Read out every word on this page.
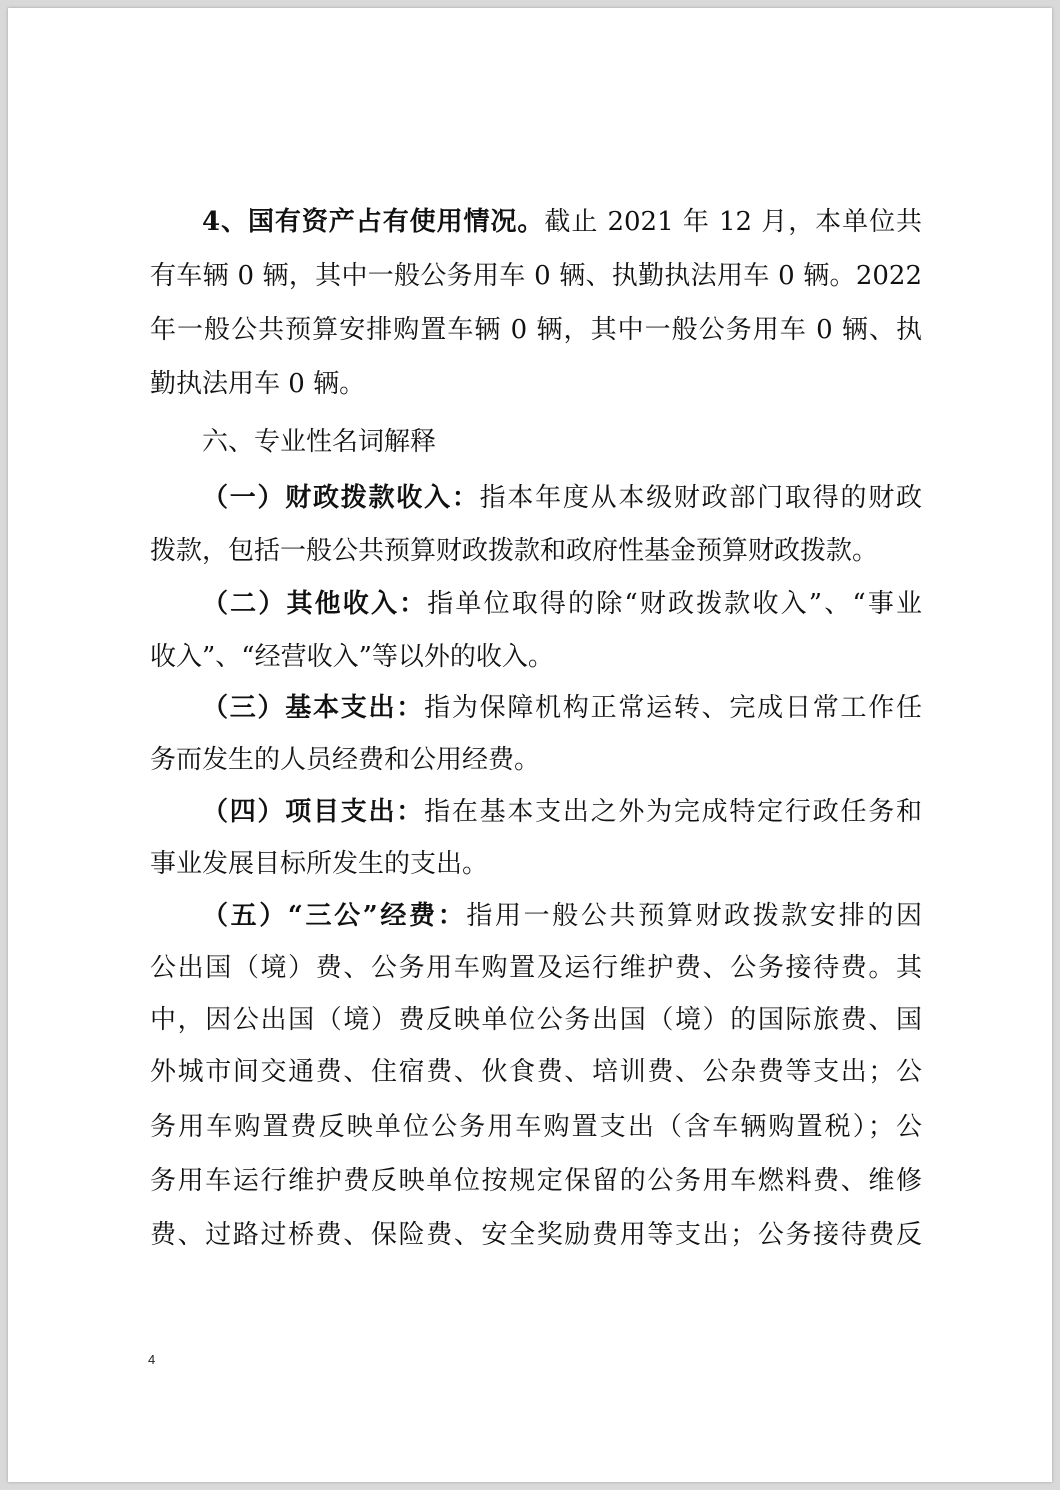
4、国有资产占有使用情况。截止 2021 年 12 月，本单位共
有车辆 0 辆，其中一般公务用车 0 辆、执勤执法用车 0 辆。2022
年一般公共预算安排购置车辆 0 辆，其中一般公务用车 0 辆、执
勤执法用车 0 辆。
六、专业性名词解释
（一）财政拨款收入：指本年度从本级财政部门取得的财政
拨款，包括一般公共预算财政拨款和政府性基金预算财政拨款。
（二）其他收入：指单位取得的除“财政拨款收入”、“事业
收入”、“经营收入”等以外的收入。
（三）基本支出：指为保障机构正常运转、完成日常工作任
务而发生的人员经费和公用经费。
（四）项目支出：指在基本支出之外为完成特定行政任务和
事业发展目标所发生的支出。
（五）“三公”经费：指用一般公共预算财政拨款安排的因
公出国（境）费、公务用车购置及运行维护费、公务接待费。其
中，因公出国（境）费反映单位公务出国（境）的国际旅费、国
外城市间交通费、住宿费、伙食费、培训费、公杂费等支出；公
务用车购置费反映单位公务用车购置支出（含车辆购置税）；公
务用车运行维护费反映单位按规定保留的公务用车燃料费、维修
费、过路过桥费、保险费、安全奖励费用等支出；公务接待费反
4
